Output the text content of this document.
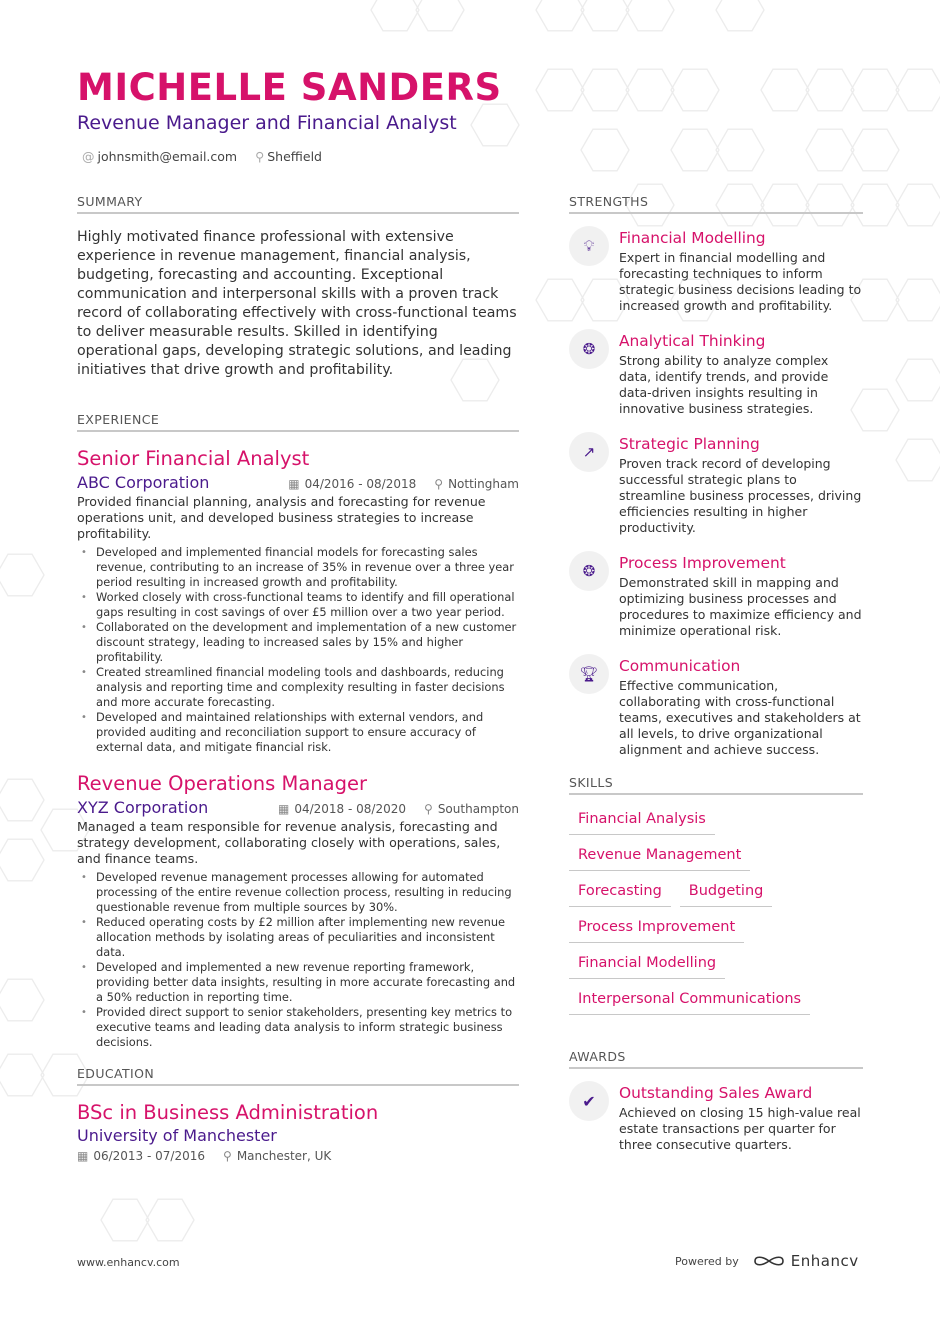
MICHELLE SANDERS
Revenue Manager and Financial Analyst
@ johnsmith@email.com ⚲ Sheffield
SUMMARY
Highly motivated finance professional with extensive experience in revenue management, financial analysis, budgeting, forecasting and accounting. Exceptional communication and interpersonal skills with a proven track record of collaborating effectively with cross-functional teams to deliver measurable results. Skilled in identifying operational gaps, developing strategic solutions, and leading initiatives that drive growth and profitability.
EXPERIENCE
Senior Financial Analyst
ABC Corporation	▦ 04/2016 - 08/2018 ⚲ Nottingham
Provided financial planning, analysis and forecasting for revenue operations unit, and developed business strategies to increase profitability.
• Developed and implemented financial models for forecasting sales revenue, contributing to an increase of 35% in revenue over a three year period resulting in increased growth and profitability.
• Worked closely with cross-functional teams to identify and fill operational gaps resulting in cost savings of over £5 million over a two year period.
• Collaborated on the development and implementation of a new customer discount strategy, leading to increased sales by 15% and higher profitability.
• Created streamlined financial modeling tools and dashboards, reducing analysis and reporting time and complexity resulting in faster decisions and more accurate forecasting.
• Developed and maintained relationships with external vendors, and provided auditing and reconciliation support to ensure accuracy of external data, and mitigate financial risk.
Revenue Operations Manager
XYZ Corporation	▦ 04/2018 - 08/2020 ⚲ Southampton
Managed a team responsible for revenue analysis, forecasting and strategy development, collaborating closely with operations, sales, and finance teams.
• Developed revenue management processes allowing for automated processing of the entire revenue collection process, resulting in reducing questionable revenue from multiple sources by 30%.
• Reduced operating costs by £2 million after implementing new revenue allocation methods by isolating areas of peculiarities and inconsistent data.
• Developed and implemented a new revenue reporting framework, providing better data insights, resulting in more accurate forecasting and a 50% reduction in reporting time.
• Provided direct support to senior stakeholders, presenting key metrics to executive teams and leading data analysis to inform strategic business decisions.
EDUCATION
BSc in Business Administration
University of Manchester
▦ 06/2013 - 07/2016 ⚲ Manchester, UK
STRENGTHS
💡︎	Financial Modelling
Expert in financial modelling and forecasting techniques to inform strategic business decisions leading to increased growth and profitability.
❂	Analytical Thinking
Strong ability to analyze complex data, identify trends, and provide data-driven insights resulting in innovative business strategies.
↗	Strategic Planning
Proven track record of developing successful strategic plans to streamline business processes, driving efficiencies resulting in higher productivity.
❂	Process Improvement
Demonstrated skill in mapping and optimizing business processes and procedures to maximize efficiency and minimize operational risk.
🏆︎	Communication
Effective communication, collaborating with cross-functional teams, executives and stakeholders at all levels, to drive organizational alignment and achieve success.
SKILLS
Financial Analysis
Revenue Management
Forecasting	Budgeting
Process Improvement
Financial Modelling
Interpersonal Communications
AWARDS
✔	Outstanding Sales Award
Achieved on closing 15 high-value real estate transactions per quarter for three consecutive quarters.
www.enhancv.com	Powered by	Enhancv
